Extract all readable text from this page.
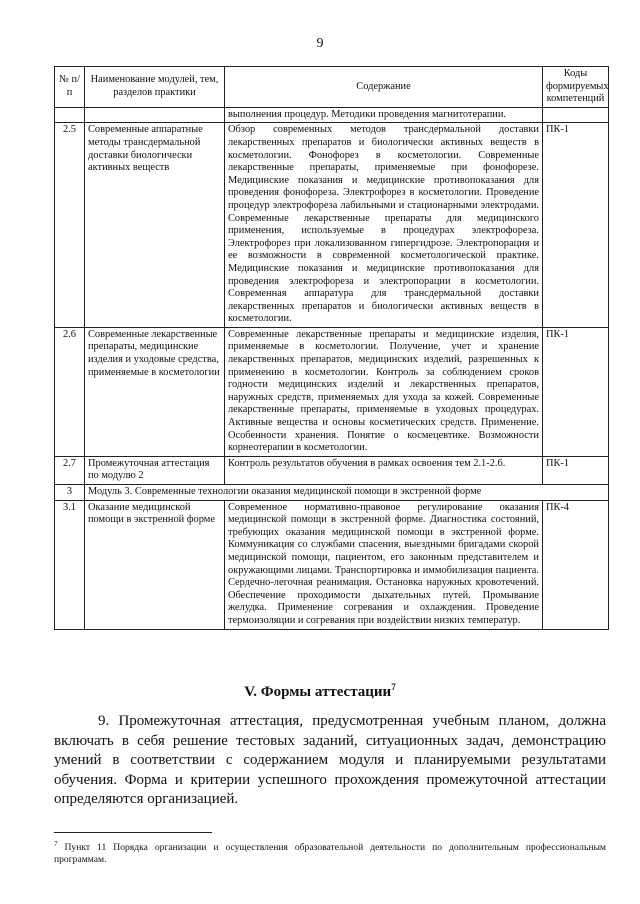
9
№ п/п	Наименование модулей, тем, разделов практики	Содержание	Коды формируемых компетенций
		выполнения процедур. Методики проведения магнитотерапии.	
2.5	Современные аппаратные методы трансдермальной доставки биологически активных веществ	Обзор современных методов трансдермальной доставки лекарственных препаратов и биологически активных веществ в косметологии. Фонофорез в косметологии. Современные лекарственные препараты, применяемые при фонофорезе. Медицинские показания и медицинские противопоказания для проведения фонофореза. Электрофорез в косметологии. Проведение процедур электрофореза лабильными и стационарными электродами. Современные лекарственные препараты для медицинского применения, используемые в процедурах электрофореза. Электрофорез при локализованном гипергидрозе. Электропорация и ее возможности в современной косметологической практике. Медицинские показания и медицинские противопоказания для проведения электрофореза и электропорации в косметологии. Современная аппаратура для трансдермальной доставки лекарственных препаратов и биологически активных веществ в косметологии.	ПК-1
2.6	Современные лекарственные препараты, медицинские изделия и уходовые средства, применяемые в косметологии	Современные лекарственные препараты и медицинские изделия, применяемые в косметологии. Получение, учет и хранение лекарственных препаратов, медицинских изделий, разрешенных к применению в косметологии. Контроль за соблюдением сроков годности медицинских изделий и лекарственных препаратов, наружных средств, применяемых для ухода за кожей. Современные лекарственные препараты, применяемые в уходовых процедурах. Активные вещества и основы косметических средств. Применение. Особенности хранения. Понятие о космецевтике. Возможности корнеотерапии в косметологии.	ПК-1
2.7	Промежуточная аттестация по модулю 2	Контроль результатов обучения в рамках освоения тем 2.1-2.6.	ПК-1
3	Модуль 3. Современные технологии оказания медицинской помощи в экстренной форме		
3.1	Оказание медицинской помощи в экстренной форме	Современное нормативно-правовое регулирование оказания медицинской помощи в экстренной форме. Диагностика состояний, требующих оказания медицинской помощи в экстренной форме. Коммуникация со службами спасения, выездными бригадами скорой медицинской помощи, пациентом, его законным представителем и окружающими лицами. Транспортировка и иммобилизация пациента. Сердечно-легочная реанимация. Остановка наружных кровотечений. Обеспечение проходимости дыхательных путей. Промывание желудка. Применение согревания и охлаждения. Проведение термоизоляции и согревания при воздействии низких температур.	ПК-4
V. Формы аттестации$^7$
9. Промежуточная аттестация, предусмотренная учебным планом, должна включать в себя решение тестовых заданий, ситуационных задач, демонстрацию умений в соответствии с содержанием модуля и планируемыми результатами обучения. Форма и критерии успешного прохождения промежуточной аттестации определяются организацией.
$^7$ Пункт 11 Порядка организации и осуществления образовательной деятельности по дополнительным профессиональным программам.
